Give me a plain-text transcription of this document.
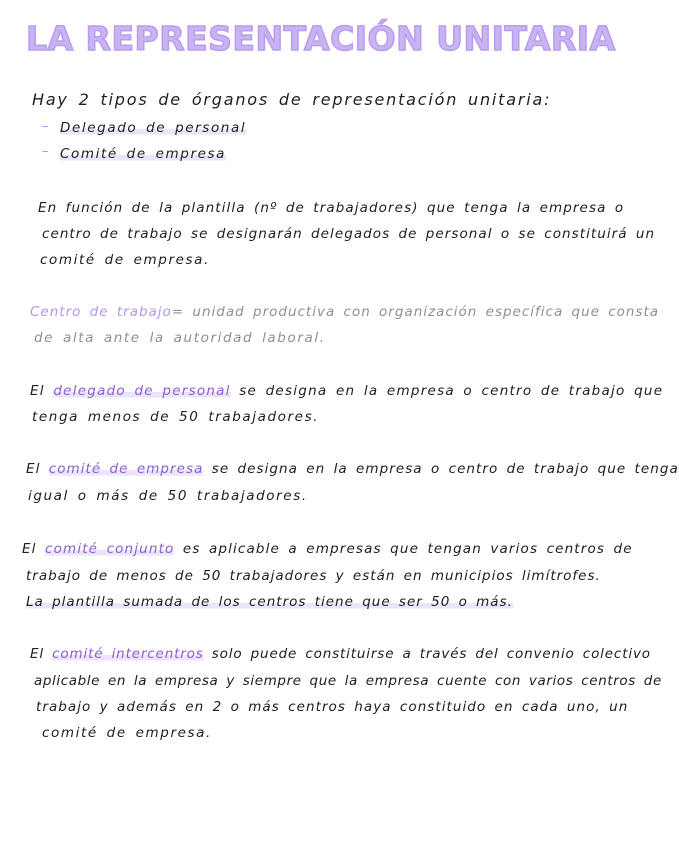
LA REPRESENTACIÓN UNITARIA
Hay 2 tipos de órganos de representación unitaria:
– Delegado de personal
– Comité de empresa
En función de la plantilla (nº de trabajadores) que tenga la empresa o
centro de trabajo se designarán delegados de personal o se constituirá un
comité de empresa.
Centro de trabajo= unidad productiva con organización específica que consta
de alta ante la autoridad laboral.
El delegado de personal se designa en la empresa o centro de trabajo que
tenga menos de 50 trabajadores.
El comité de empresa se designa en la empresa o centro de trabajo que tenga
igual o más de 50 trabajadores.
El comité conjunto es aplicable a empresas que tengan varios centros de
trabajo de menos de 50 trabajadores y están en municipios limítrofes.
La plantilla sumada de los centros tiene que ser 50 o más.
El comité intercentros solo puede constituirse a través del convenio colectivo
aplicable en la empresa y siempre que la empresa cuente con varios centros de
trabajo y además en 2 o más centros haya constituido en cada uno, un
comité de empresa.
